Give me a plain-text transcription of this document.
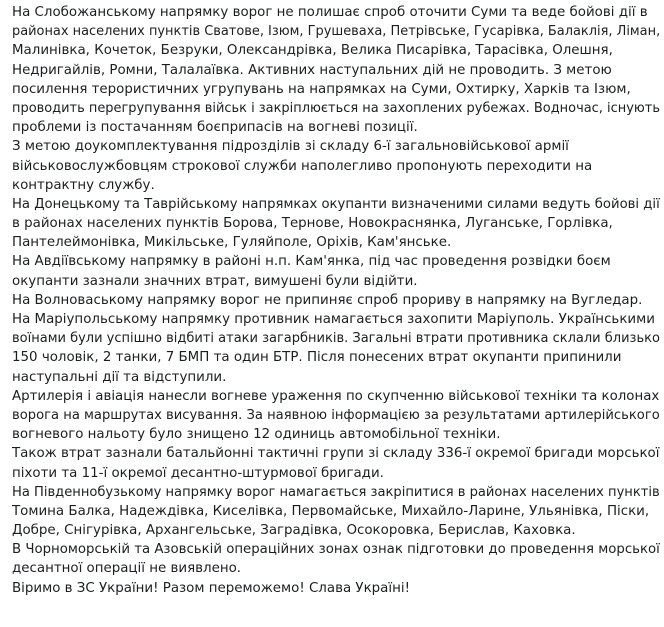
На Слобожанському напрямку ворог не полишає спроб оточити Суми та веде бойові дії в
районах населених пунктів Сватове, Ізюм, Грушеваха, Петрівське, Гусарівка, Балаклія, Ліман,
Малинівка, Кочеток, Безруки, Олександрівка, Велика Писарівка, Тарасівка, Олешня,
Недригайлів, Ромни, Талалаївка. Активних наступальних дій не проводить. З метою
посилення терористичних угрупувань на напрямках на Суми, Охтирку, Харків та Ізюм,
проводить перегрупування військ і закріплюється на захоплених рубежах. Водночас, існують
проблеми із постачанням боєприпасів на вогневі позиції.
З метою доукомплектування підрозділів зі складу 6-ї загальновійськової армії
військовослужбовцям строкової служби наполегливо пропонують переходити на
контрактну службу.
На Донецькому та Таврійському напрямках окупанти визначеними силами ведуть бойові дії
в районах населених пунктів Борова, Тернове, Новокраснянка, Луганське, Горлівка,
Пантелеймонівка, Микільське, Гуляйполе, Оріхів, Кам'янське.
На Авдіївському напрямку в районі н.п. Кам'янка, під час проведення розвідки боєм
окупанти зазнали значних втрат, вимушені були відійти.
На Волноваському напрямку ворог не припиняє спроб прориву в напрямку на Вугледар.
На Маріупольському напрямку противник намагається захопити Маріуполь. Українськими
воїнами були успішно відбиті атаки загарбників. Загальні втрати противника склали близько
150 чоловік, 2 танки, 7 БМП та один БТР. Після понесених втрат окупанти припинили
наступальні дії та відступили.
Артилерія і авіація нанесли вогневе ураження по скупченню військової техніки та колонах
ворога на маршрутах висування. За наявною інформацією за результатами артилерійського
вогневого нальоту було знищено 12 одиниць автомобільної техніки.
Також втрат зазнали батальйонні тактичні групи зі складу 336-ї окремої бригади морської
піхоти та 11-ї окремої десантно-штурмової бригади.
На Південнобузькому напрямку ворог намагається закріпитися в районах населених пунктів
Томина Балка, Надеждівка, Киселівка, Первомайське, Михайло-Ларине, Ульянівка, Піски,
Добре, Снігурівка, Архангельське, Заградівка, Осокоровка, Берислав, Каховка.
В Чорноморській та Азовській операційних зонах ознак підготовки до проведення морської
десантної операції не виявлено.
Віримо в ЗС України! Разом переможемо! Слава Україні!
